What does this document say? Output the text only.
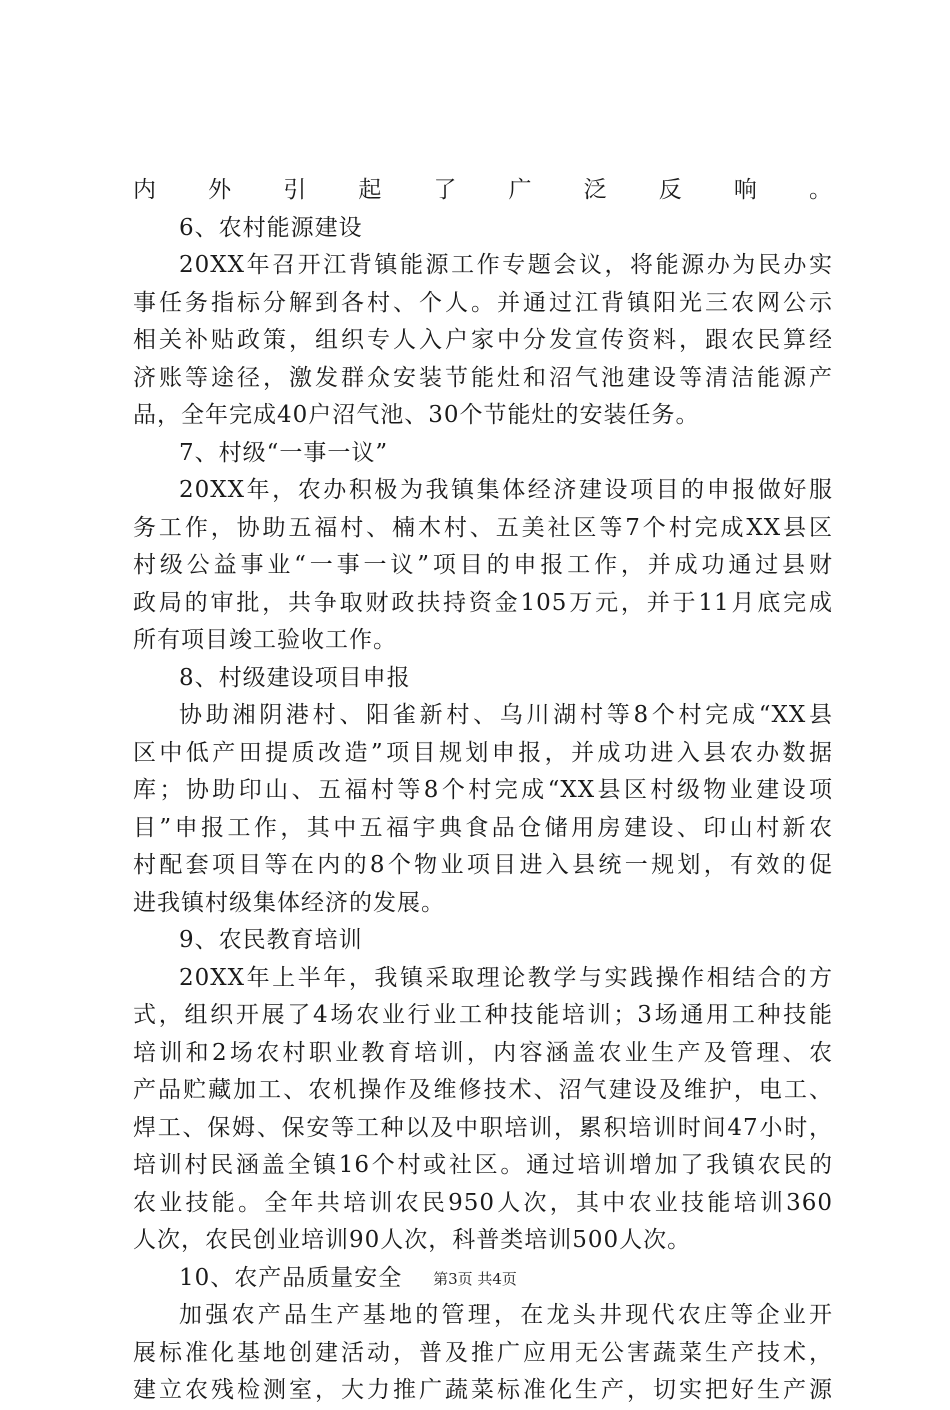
内外引起了广泛反响。
6、农村能源建设
20XX年召开江背镇能源工作专题会议，将能源办为民办实
事任务指标分解到各村、个人。并通过江背镇阳光三农网公示
相关补贴政策，组织专人入户家中分发宣传资料，跟农民算经
济账等途径，激发群众安装节能灶和沼气池建设等清洁能源产
品，全年完成40户沼气池、30个节能灶的安装任务。
7、村级“一事一议”
20XX年，农办积极为我镇集体经济建设项目的申报做好服
务工作，协助五福村、楠木村、五美社区等7个村完成XX县区
村级公益事业“一事一议”项目的申报工作，并成功通过县财
政局的审批，共争取财政扶持资金105万元，并于11月底完成
所有项目竣工验收工作。
8、村级建设项目申报
协助湘阴港村、阳雀新村、乌川湖村等8个村完成“XX县
区中低产田提质改造”项目规划申报，并成功进入县农办数据
库；协助印山、五福村等8个村完成“XX县区村级物业建设项
目”申报工作，其中五福宇典食品仓储用房建设、印山村新农
村配套项目等在内的8个物业项目进入县统一规划，有效的促
进我镇村级集体经济的发展。
9、农民教育培训
20XX年上半年，我镇采取理论教学与实践操作相结合的方
式，组织开展了4场农业行业工种技能培训；3场通用工种技能
培训和2场农村职业教育培训，内容涵盖农业生产及管理、农
产品贮藏加工、农机操作及维修技术、沼气建设及维护，电工、
焊工、保姆、保安等工种以及中职培训，累积培训时间47小时，
培训村民涵盖全镇16个村或社区。通过培训增加了我镇农民的
农业技能。全年共培训农民950人次，其中农业技能培训360
人次，农民创业培训90人次，科普类培训500人次。
10、农产品质量安全
加强农产品生产基地的管理，在龙头井现代农庄等企业开
展标准化基地创建活动，普及推广应用无公害蔬菜生产技术，
建立农残检测室，大力推广蔬菜标准化生产，切实把好生产源
第3页 共4页
